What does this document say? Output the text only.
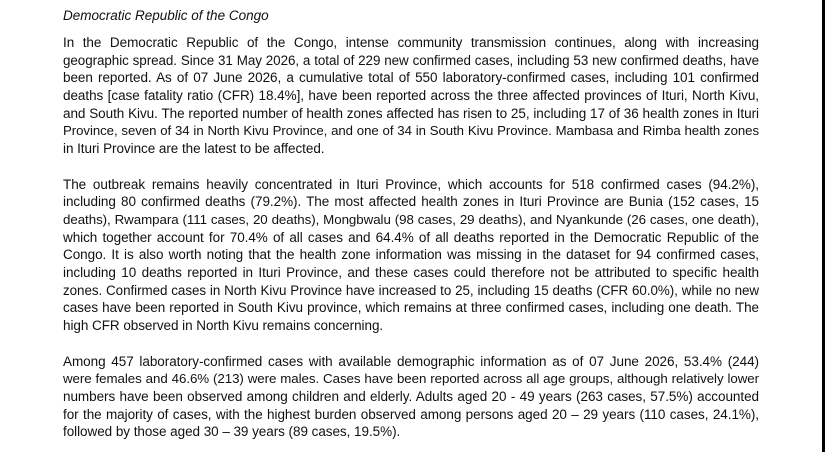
Democratic Republic of the Congo
In the Democratic Republic of the Congo, intense community transmission continues, along with increasing
geographic spread. Since 31 May 2026, a total of 229 new confirmed cases, including 53 new confirmed deaths, have
been reported. As of 07 June 2026, a cumulative total of 550 laboratory-confirmed cases, including 101 confirmed
deaths [case fatality ratio (CFR) 18.4%], have been reported across the three affected provinces of Ituri, North Kivu,
and South Kivu. The reported number of health zones affected has risen to 25, including 17 of 36 health zones in Ituri
Province, seven of 34 in North Kivu Province, and one of 34 in South Kivu Province. Mambasa and Rimba health zones
in Ituri Province are the latest to be affected.
The outbreak remains heavily concentrated in Ituri Province, which accounts for 518 confirmed cases (94.2%),
including 80 confirmed deaths (79.2%). The most affected health zones in Ituri Province are Bunia (152 cases, 15
deaths), Rwampara (111 cases, 20 deaths), Mongbwalu (98 cases, 29 deaths), and Nyankunde (26 cases, one death),
which together account for 70.4% of all cases and 64.4% of all deaths reported in the Democratic Republic of the
Congo. It is also worth noting that the health zone information was missing in the dataset for 94 confirmed cases,
including 10 deaths reported in Ituri Province, and these cases could therefore not be attributed to specific health
zones. Confirmed cases in North Kivu Province have increased to 25, including 15 deaths (CFR 60.0%), while no new
cases have been reported in South Kivu province, which remains at three confirmed cases, including one death. The
high CFR observed in North Kivu remains concerning.
Among 457 laboratory-confirmed cases with available demographic information as of 07 June 2026, 53.4% (244)
were females and 46.6% (213) were males. Cases have been reported across all age groups, although relatively lower
numbers have been observed among children and elderly. Adults aged 20 - 49 years (263 cases, 57.5%) accounted
for the majority of cases, with the highest burden observed among persons aged 20 – 29 years (110 cases, 24.1%),
followed by those aged 30 – 39 years (89 cases, 19.5%).
